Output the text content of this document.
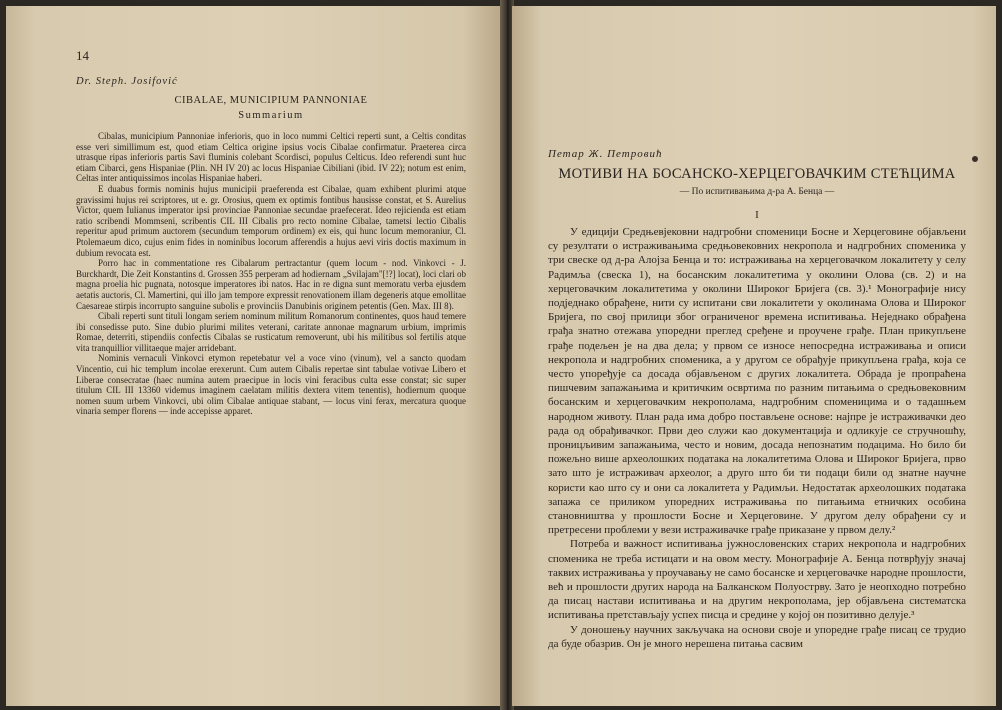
14
Dr. Steph. Josifović
CIBALAE, MUNICIPIUM PANNONIAE
Summarium

Cibalas, municipium Pannoniae inferioris, quo in loco nummi Celtici reperti sunt, a Celtis conditas esse veri simillimum est, quod etiam Celtica origine ipsius vocis Cibalae confirmatur. Praeterea circa utrasque ripas inferioris partis Savi fluminis colebant Scordisci, populus Celticus. Ideo referendi sunt huc etiam Cibarci, gens Hispaniae (Plin. NH IV 20) ac locus Hispaniae Cibiliani (ibid. IV 22); notum est enim, Celtas inter antiquissimos incolas Hispaniae haberi.

E duabus formis nominis hujus municipii praeferenda est Cibalae, quam exhibent plurimi atque gravissimi hujus rei scriptores, ut e. gr. Orosius, quem ex optimis fontibus hausisse constat, et S. Aurelius Victor, quem Iulianus imperator ipsi provinciae Pannoniae secundae praefecerat. Ideo rejicienda est etiam ratio scribendi Mommseni, scribentis CIL III Cibalis pro recto nomine Cibalae, tametsi lectio Cibalis reperitur apud primum auctorem (secundum temporum ordinem) ex eis, qui hunc locum memoraniur, Cl. Ptolemaeum dico, cujus enim fides in nominibus locorum afferendis a hujus aevi viris doctis maximum in dubium revocata est.

Porro hac in commentatione res Cibalarum pertractantur (quem locum - nod. Vinkovci - J. Burckhardt, Die Zeit Konstantins d. Grossen 355 perperam ad hodiernam „Svilajam"[!?] locat), loci clari ob magna proelia hic pugnata, notosque imperatores ibi natos. Hac in re digna sunt memoratu verba ejusdem aetatis auctoris, Cl. Mamertini, qui illo jam tempore expressit renovationem illam degeneris atque emollitae Caesareae stirpis incorrupto sanguine subolis e provinciis Danubinis originem petentis (Gen. Max. III 8).

Cibali reperti sunt tituli longam seriem nominum militum Romanorum continentes, quos haud temere ibi consedisse puto. Sine dubio plurimi milites veterani, caritate annonae magnarum urbium, imprimis Romae, deterriti, stipendiis confectis Cibalas se rusticatum removerunt, ubi his militibus sol fertilis atque vita tranquillior villitaeque majer arridebant.

Nominis vernaculi Vinkovci etymon repetebatur vel a voce vino (vinum), vel a sancto quodam Vincentio, cui hic templum incolae erexerunt. Cum autem Cibalis repertae sint tabulae votivae Libero et Liberae consecratae (haec numina autem praecipue in locis vini feracibus culta esse constat; sic super titulum CIL III 13360 videmus imaginem caelatam militis dextera vitem tenentis), hodiernum quoque nomen suum urbem Vinkovci, ubi olim Cibalae antiquae stabant, — locus vini ferax, mercatura quoque vinaria semper florens — inde accepisse apparet.

Петар Ж. Петровић
МОТИВИ НА БОСАНСКО-ХЕРЦЕГОВАЧКИМ СТЕЋЦИМА
— По испитивањима д-ра А. Бенца —
I

У едицији Средњевјековни надгробни споменици Босне и Херцеговине објављени су резултати о истраживањима средњовековних некропола и надгробних споменика у три свеске од д-ра Алојза Бенца и то: истраживања на херцеговачком локалитету у селу Радимља (свеска 1), на босанским локалитетима у околини Олова (св. 2) и на херцеговачким локалитетима у околини Широког Бријега (св. 3).¹ Монографије нису подједнако обрађене, нити су испитани сви локалитети у околинама Олова и Широког Бријега, по свој прилици због ограниченог времена испитивања. Неједнако обрађена грађа знатно отежава упоредни преглед сређене и проучене грађе. План прикупљене грађе подељен је на два дела; у првом се износе непосредна истраживања и описи некропола и надгробних споменика, а у другом се обрађује прикупљена грађа, која се често упоређује са досада објављеном с других локалитета. Обрада је пропраћена пишчевим запажањима и критичким освртима по разним питањима о средњовековним босанским и херцеговачким некрополама, надгробним споменицима и о тадашњем народном животу. План рада има добро постављене основе: најпре је истраживачки део рада од обрађивачког. Први део служи као документација и одликује се стручношћу, проницљивим запажањима, често и новим, досада непознатим подацима. Но било би пожељно више археолошких података на локалитетима Олова и Широког Бријега, прво зато што је истраживач археолог, а друго што би ти подаци били од знатне научне користи као што су и они са локалитета у Радимљи. Недостатак археолошких података запажа се приликом упоредних истраживања по питањима етничких особина становништва у прошлости Босне и Херцеговине. У другом делу обрађени су и претресени проблеми у вези истраживачке грађе приказане у првом делу.²

Потреба и важност испитивања јужнословенских старих некропола и надгробних споменика не треба истицати и на овом месту. Монографије А. Бенца потврђују значај таквих истраживања у проучавању не само босанске и херцеговачке народне прошлости, већ и прошлости других народа на Балканском Полуострву. Зато је неопходно потребно да писац настави испитивања и на другим некрополама, јер објављена систематска испитивања претстављају успех писца и средине у којој он позитивно делује.³

У доношењу научних закључака на основи своје и упоредне грађе писац се трудио да буде обазрив. Он је много нерешена питања сасвим
